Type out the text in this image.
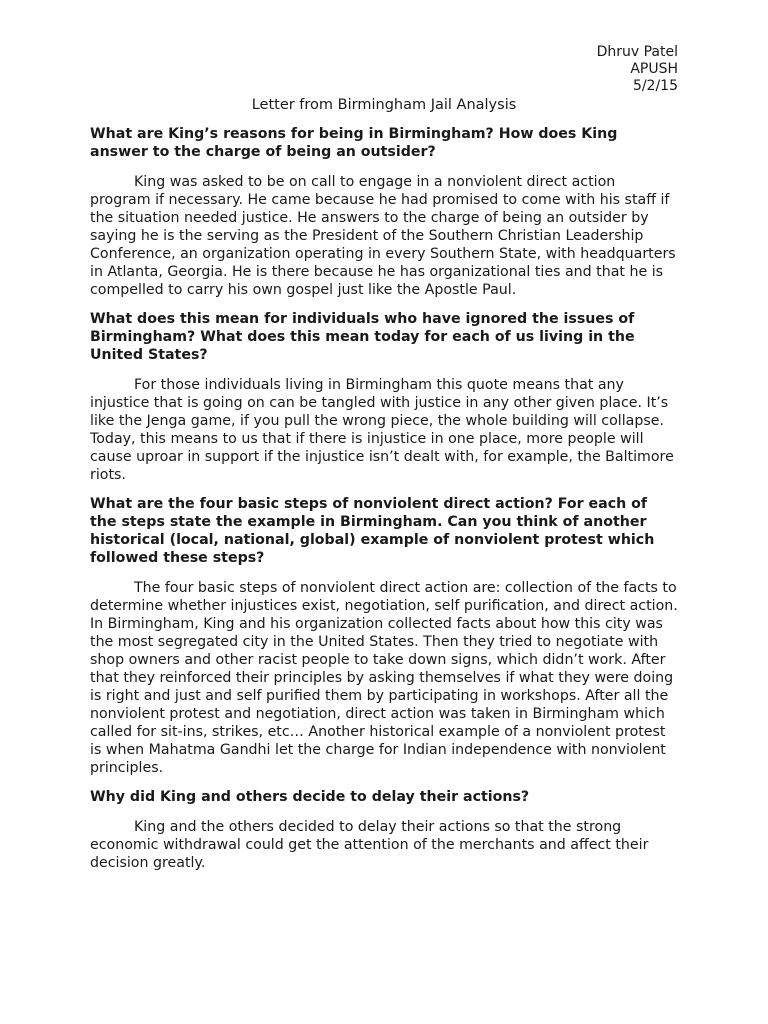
Dhruv Patel
APUSH
5/2/15
Letter from Birmingham Jail Analysis

What are King’s reasons for being in Birmingham? How does King answer to the charge of being an outsider?

King was asked to be on call to engage in a nonviolent direct action program if necessary. He came because he had promised to come with his staff if the situation needed justice. He answers to the charge of being an outsider by saying he is the serving as the President of the Southern Christian Leadership Conference, an organization operating in every Southern State, with headquarters in Atlanta, Georgia. He is there because he has organizational ties and that he is compelled to carry his own gospel just like the Apostle Paul.

What does this mean for individuals who have ignored the issues of Birmingham? What does this mean today for each of us living in the United States?

For those individuals living in Birmingham this quote means that any injustice that is going on can be tangled with justice in any other given place. It’s like the Jenga game, if you pull the wrong piece, the whole building will collapse. Today, this means to us that if there is injustice in one place, more people will cause uproar in support if the injustice isn’t dealt with, for example, the Baltimore riots.

What are the four basic steps of nonviolent direct action? For each of the steps state the example in Birmingham. Can you think of another historical (local, national, global) example of nonviolent protest which followed these steps?

The four basic steps of nonviolent direct action are: collection of the facts to determine whether injustices exist, negotiation, self purification, and direct action. In Birmingham, King and his organization collected facts about how this city was the most segregated city in the United States. Then they tried to negotiate with shop owners and other racist people to take down signs, which didn’t work. After that they reinforced their principles by asking themselves if what they were doing is right and just and self purified them by participating in workshops. After all the nonviolent protest and negotiation, direct action was taken in Birmingham which called for sit-ins, strikes, etc… Another historical example of a nonviolent protest is when Mahatma Gandhi let the charge for Indian independence with nonviolent principles.

Why did King and others decide to delay their actions?

King and the others decided to delay their actions so that the strong economic withdrawal could get the attention of the merchants and affect their decision greatly.
